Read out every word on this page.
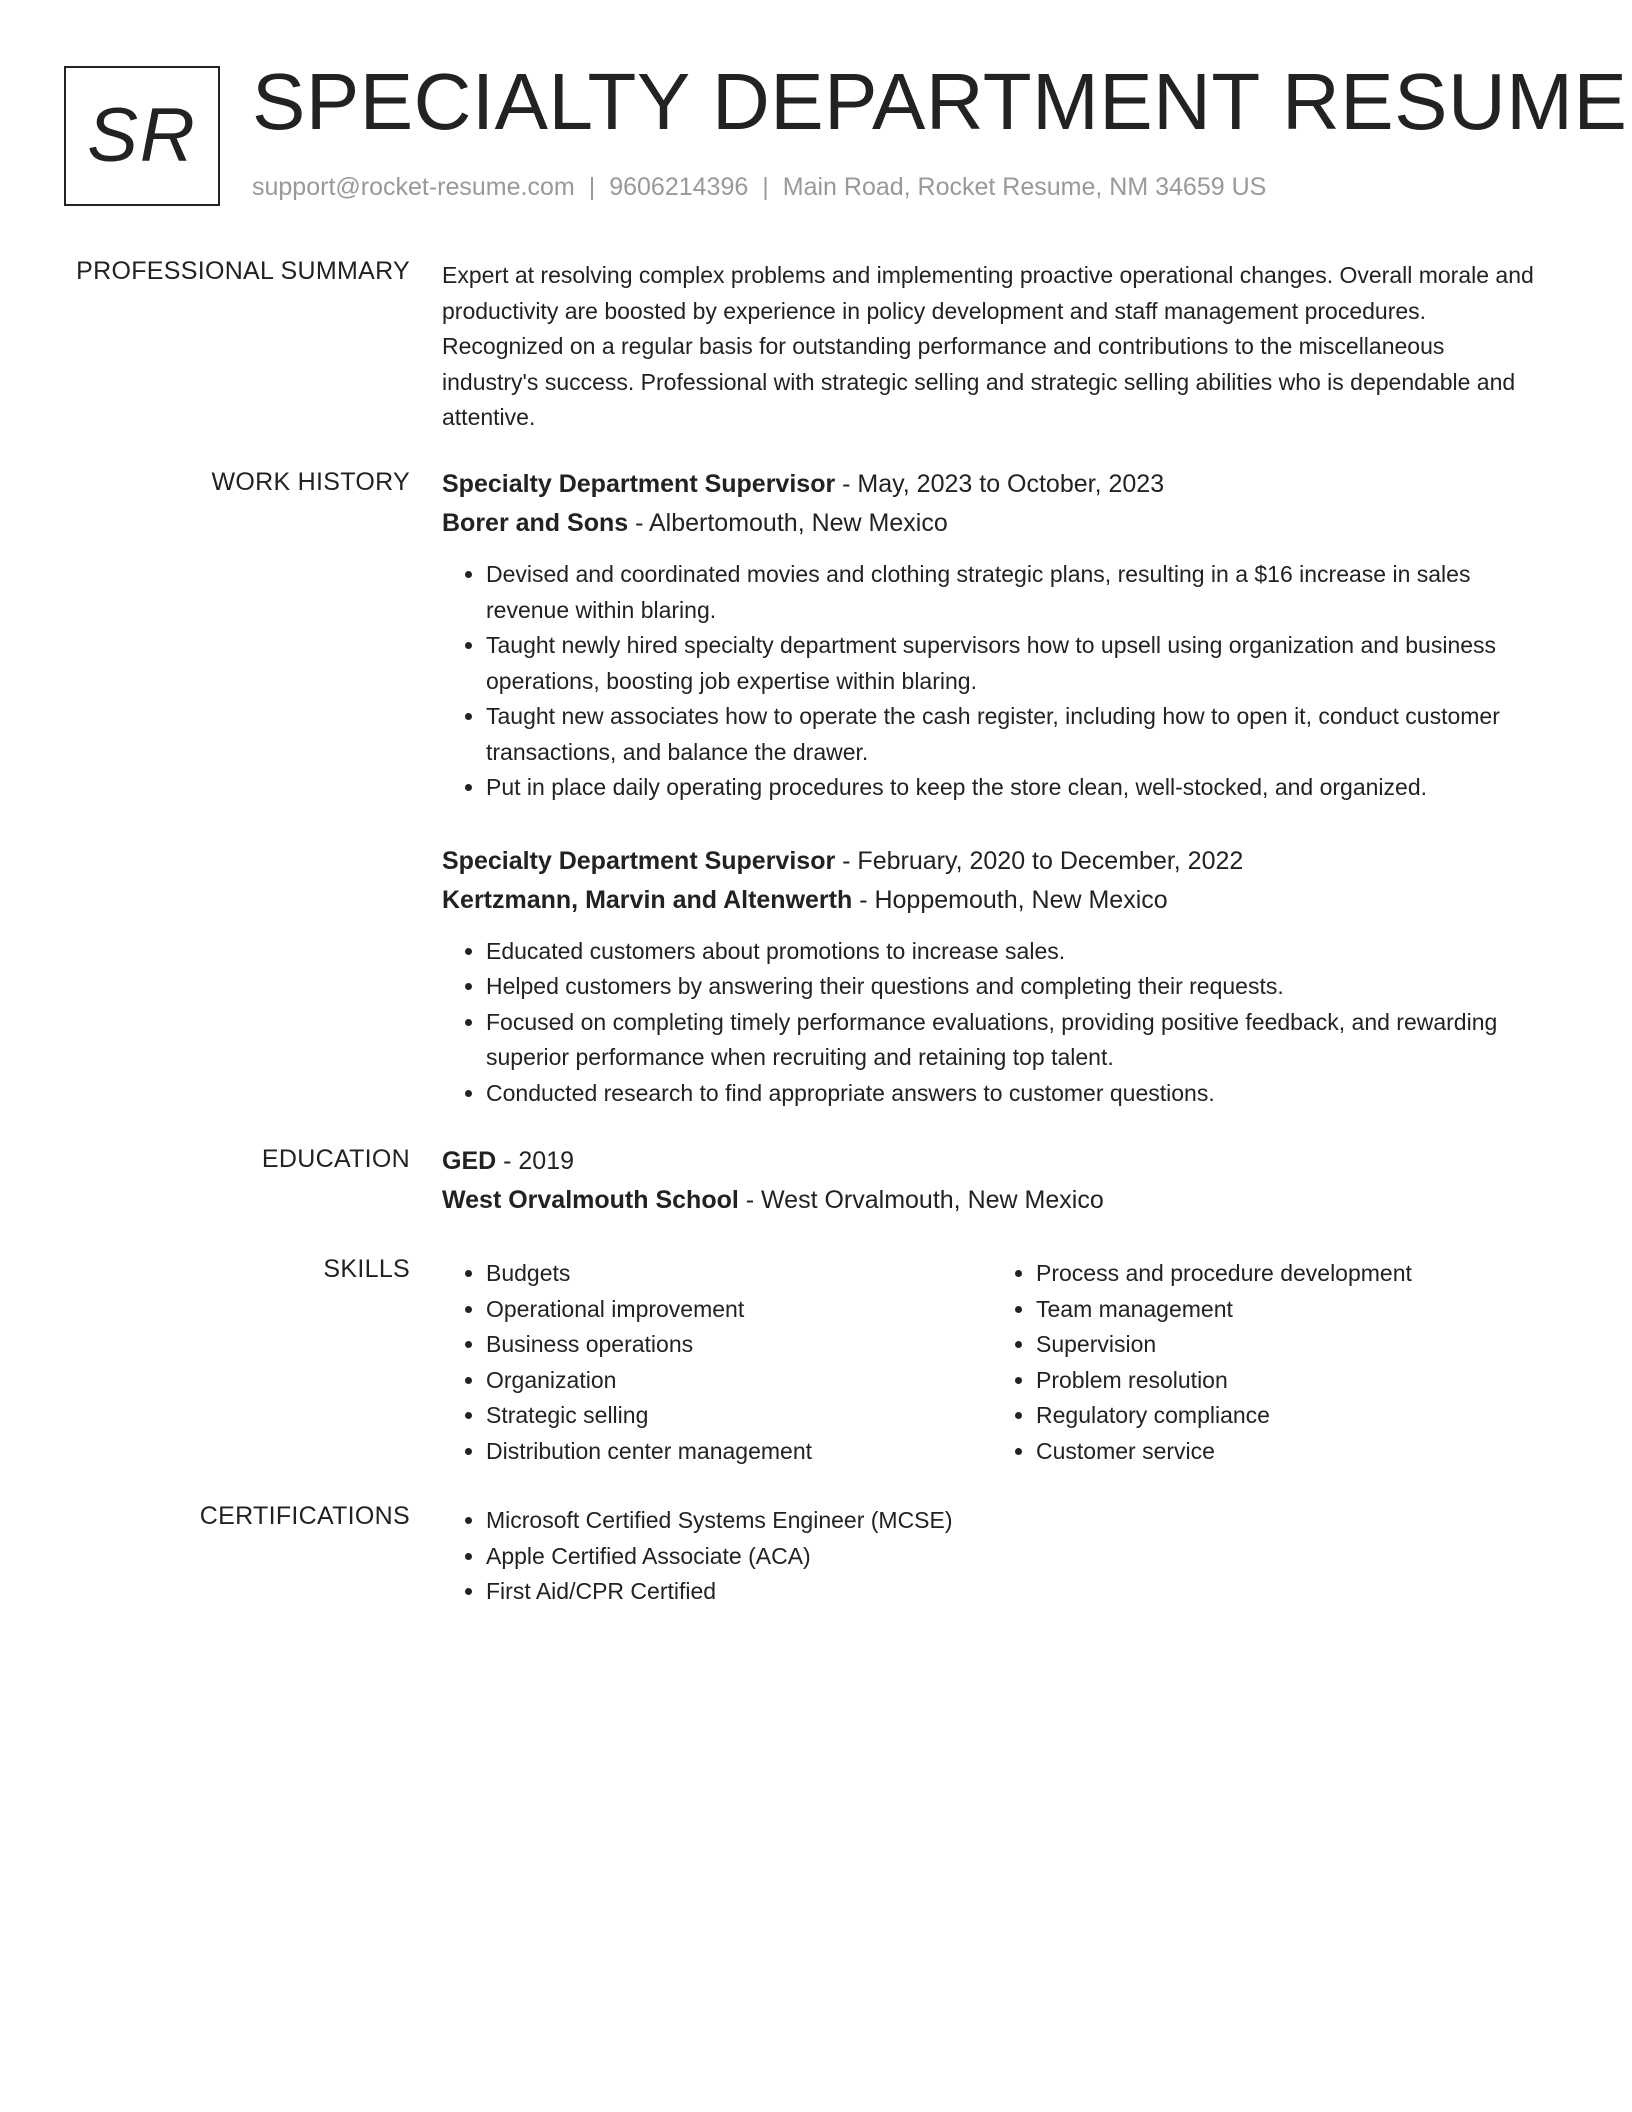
SR SPECIALTY DEPARTMENT RESUME
support@rocket-resume.com | 9606214396 | Main Road, Rocket Resume, NM 34659 US
PROFESSIONAL SUMMARY Expert at resolving complex problems and implementing proactive operational changes. Overall morale and productivity are boosted by experience in policy development and staff management procedures. Recognized on a regular basis for outstanding performance and contributions to the miscellaneous industry's success. Professional with strategic selling and strategic selling abilities who is dependable and attentive.

WORK HISTORY Specialty Department Supervisor - May, 2023 to October, 2023
Borer and Sons - Albertomouth, New Mexico
• Devised and coordinated movies and clothing strategic plans, resulting in a $16 increase in sales revenue within blaring.
• Taught newly hired specialty department supervisors how to upsell using organization and business operations, boosting job expertise within blaring.
• Taught new associates how to operate the cash register, including how to open it, conduct customer transactions, and balance the drawer.
• Put in place daily operating procedures to keep the store clean, well-stocked, and organized.
Specialty Department Supervisor - February, 2020 to December, 2022
Kertzmann, Marvin and Altenwerth - Hoppemouth, New Mexico
• Educated customers about promotions to increase sales.
• Helped customers by answering their questions and completing their requests.
• Focused on completing timely performance evaluations, providing positive feedback, and rewarding superior performance when recruiting and retaining top talent.
• Conducted research to find appropriate answers to customer questions.
EDUCATION GED - 2019
West Orvalmouth School - West Orvalmouth, New Mexico
SKILLS	• Budgets
• Operational improvement
• Business operations
• Organization
• Strategic selling
• Distribution center management
• Process and procedure development
• Team management
• Supervision
• Problem resolution
• Regulatory compliance
• Customer service
CERTIFICATIONS	• Microsoft Certified Systems Engineer (MCSE)
• Apple Certified Associate (ACA)
• First Aid/CPR Certified
